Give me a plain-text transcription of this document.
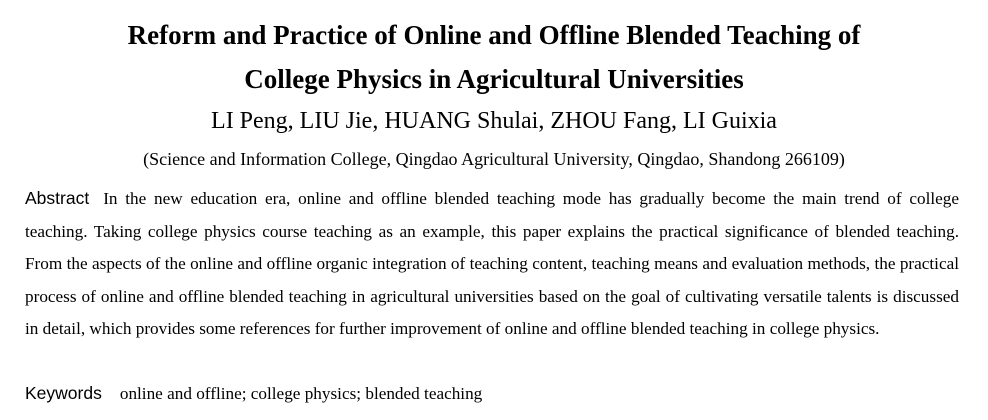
Reform and Practice of Online and Offline Blended Teaching of
College Physics in Agricultural Universities
LI Peng, LIU Jie, HUANG Shulai, ZHOU Fang, LI Guixia
(Science and Information College, Qingdao Agricultural University, Qingdao, Shandong 266109)
Abstract In the new education era, online and offline blended teaching mode has gradually become the main trend of college teaching. Taking college physics course teaching as an example, this paper explains the practical significance of blended teaching. From the aspects of the online and offline organic integration of teaching content, teaching means and evaluation methods, the practical process of online and offline blended teaching in agricultural universities based on the goal of cultivating versatile talents is discussed in detail, which provides some references for further improvement of online and offline blended teaching in college physics.
Keywords online and offline; college physics; blended teaching
